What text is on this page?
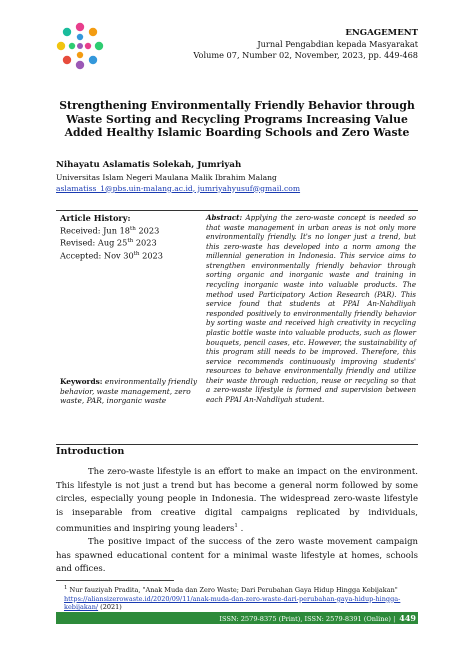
ENGAGEMENT
Jurnal Pengabdian kepada Masyarakat
Volume 07, Number 02, November, 2023, pp. 449-468
Strengthening Environmentally Friendly Behavior through Waste Sorting and Recycling Programs Increasing Value Added Healthy Islamic Boarding Schools and Zero Waste
Nihayatu Aslamatis Solekah, Jumriyah
Universitas Islam Negeri Maulana Malik Ibrahim Malang
aslamatiss_1@pbs.uin-malang.ac.id, jumriyahyusuf@gmail.com
Article History:
Received: Jun 18th 2023
Revised: Aug 25th 2023
Accepted: Nov 30th 2023
Keywords: environmentally friendly behavior, waste management, zero waste, PAR, inorganic waste
Abstract: Applying the zero-waste concept is needed so that waste management in urban areas is not only more environmentally friendly. It's no longer just a trend, but this zero-waste has developed into a norm among the millennial generation in Indonesia. This service aims to strengthen environmentally friendly behavior through sorting organic and inorganic waste and training in recycling inorganic waste into valuable products. The method used Participatory Action Research (PAR). This service found that students at PPAI An-Nahdliyah responded positively to environmentally friendly behavior by sorting waste and received high creativity in recycling plastic bottle waste into valuable products, such as flower bouquets, pencil cases, etc. However, the sustainability of this program still needs to be improved. Therefore, this service recommends continuously improving students' resources to behave environmentally friendly and utilize their waste through reduction, reuse or recycling so that a zero-waste lifestyle is formed and supervision between each PPAI An-Nahdliyah student.
Introduction
The zero-waste lifestyle is an effort to make an impact on the environment. This lifestyle is not just a trend but has become a general norm followed by some circles, especially young people in Indonesia. The widespread zero-waste lifestyle is inseparable from creative digital campaigns replicated by individuals, communities and inspiring young leaders$^1$ .
The positive impact of the success of the zero waste movement campaign has spawned educational content for a minimal waste lifestyle at homes, schools and offices.
$^1$ Nur fauziyah Pradita, "Anak Muda dan Zero Waste; Dari Perubahan Gaya Hidup Hingga Kebijakan" https://aliansizerowaste.id/2020/09/11/anak-muda-dan-zero-waste-dari-perubahan-gaya-hidup-hingga-kebijakan/ (2021)
ISSN: 2579-8375 (Print), ISSN: 2579-8391 (Online) | 449
